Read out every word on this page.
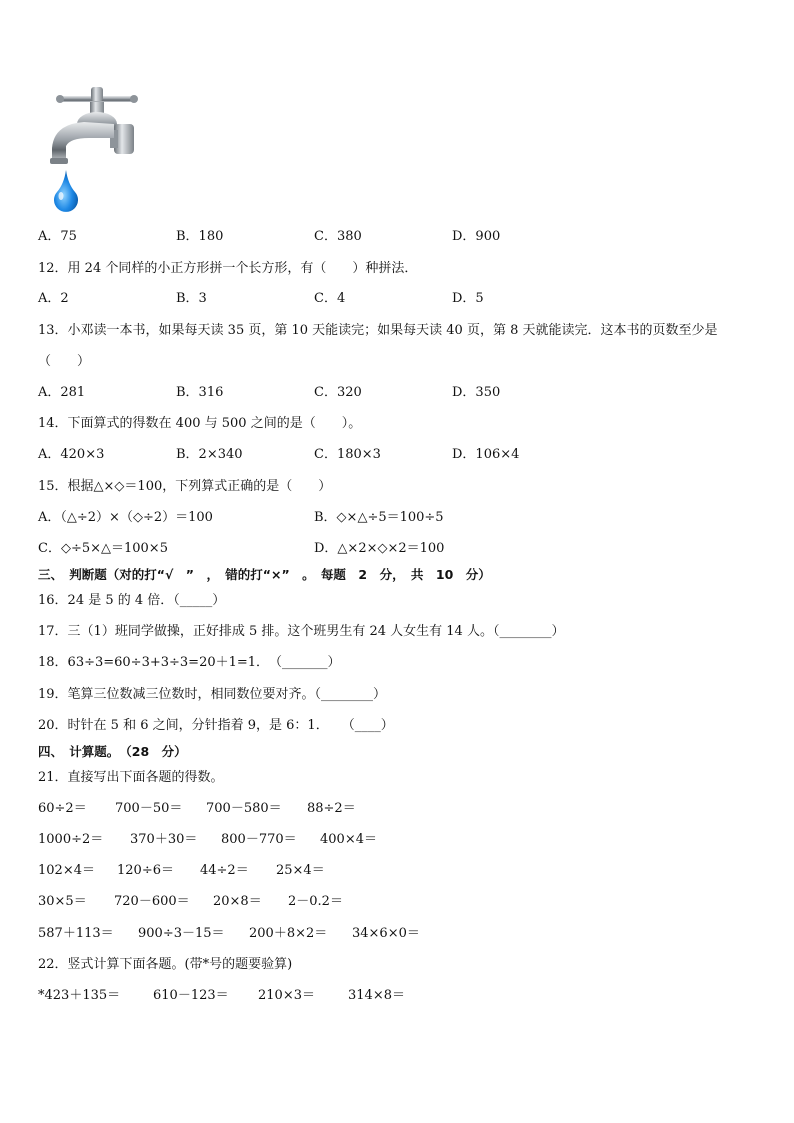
A．75	B．180	C．380	D．900
12．用 24 个同样的小正方形拼一个长方形，有（　　）种拼法．
A．2	B．3	C．4	D．5
13．小邓读一本书，如果每天读 35 页，第 10 天能读完；如果每天读 40 页，第 8 天就能读完．这本书的页数至少是
（　　）
A．281	B．316	C．320	D．350
14．下面算式的得数在 400 与 500 之间的是（　　）。
A．420×3	B．2×340	C．180×3	D．106×4
15．根据△×◇＝100，下列算式正确的是（　　）
A．（△÷2）×（◇÷2）＝100	B．◇×△÷5＝100÷5
C．◇÷5×△＝100×5	D．△×2×◇×2＝100
三、　判断题（对的打“√　”　，　错的打“×”　。　每题　2　分，　共　10　分）
16．24 是 5 的 4 倍．（_____）
17．三（1）班同学做操，正好排成 5 排。这个班男生有 24 人女生有 14 人。（________）
18．63÷3=60÷3+3÷3=20＋1=1．　（_______）
19．笔算三位数减三位数时，相同数位要对齐。（________）
20．时针在 5 和 6 之间，分针指着 9，是 6：1．　　（____）
四、　计算题。　（28　分）
21．直接写出下面各题的得数。
60÷2＝ 700－50＝ 700－580＝ 88÷2＝
1000÷2＝ 370＋30＝ 800－770＝ 400×4＝
102×4＝ 120÷6＝ 44÷2＝ 25×4＝
30×5＝ 720－600＝ 20×8＝ 2－0.2＝
587＋113＝ 900÷3－15＝ 200＋8×2＝ 34×6×0＝
22．竖式计算下面各题。(带*号的题要验算)
*423＋135＝	610－123＝ 210×3＝	314×8＝
